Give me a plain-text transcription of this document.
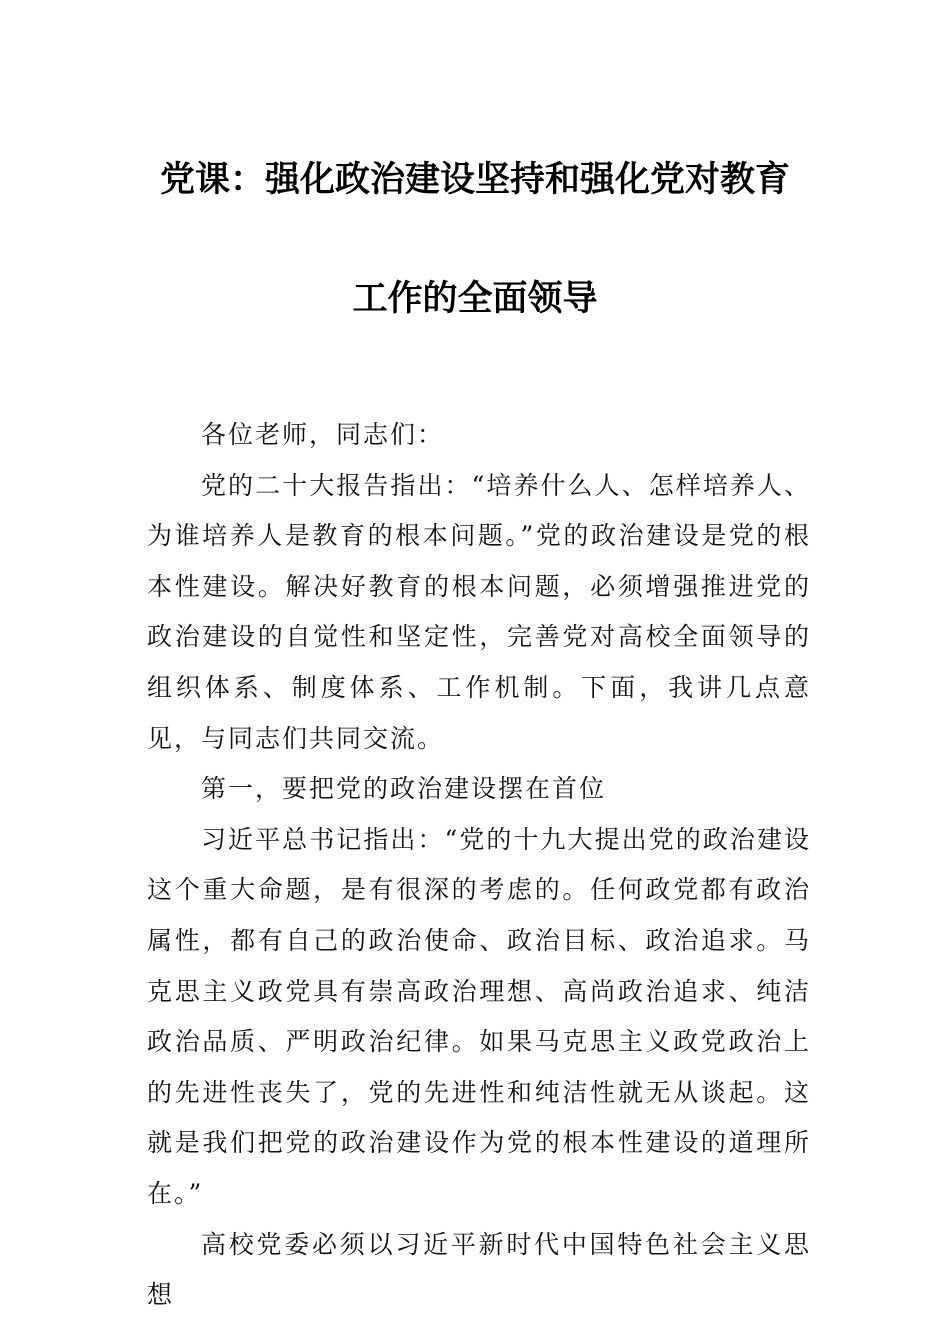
党课：强化政治建设坚持和强化党对教育
工作的全面领导

各位老师，同志们：

党的二十大报告指出：“培养什么人、怎样培养人、为谁培养人是教育的根本问题。”党的政治建设是党的根本性建设。解决好教育的根本问题，必须增强推进党的政治建设的自觉性和坚定性，完善党对高校全面领导的组织体系、制度体系、工作机制。下面，我讲几点意见，与同志们共同交流。

第一，要把党的政治建设摆在首位

习近平总书记指出：“党的十九大提出党的政治建设这个重大命题，是有很深的考虑的。任何政党都有政治属性，都有自己的政治使命、政治目标、政治追求。马克思主义政党具有崇高政治理想、高尚政治追求、纯洁政治品质、严明政治纪律。如果马克思主义政党政治上的先进性丧失了，党的先进性和纯洁性就无从谈起。这就是我们把党的政治建设作为党的根本性建设的道理所在。”

高校党委必须以习近平新时代中国特色社会主义思想
